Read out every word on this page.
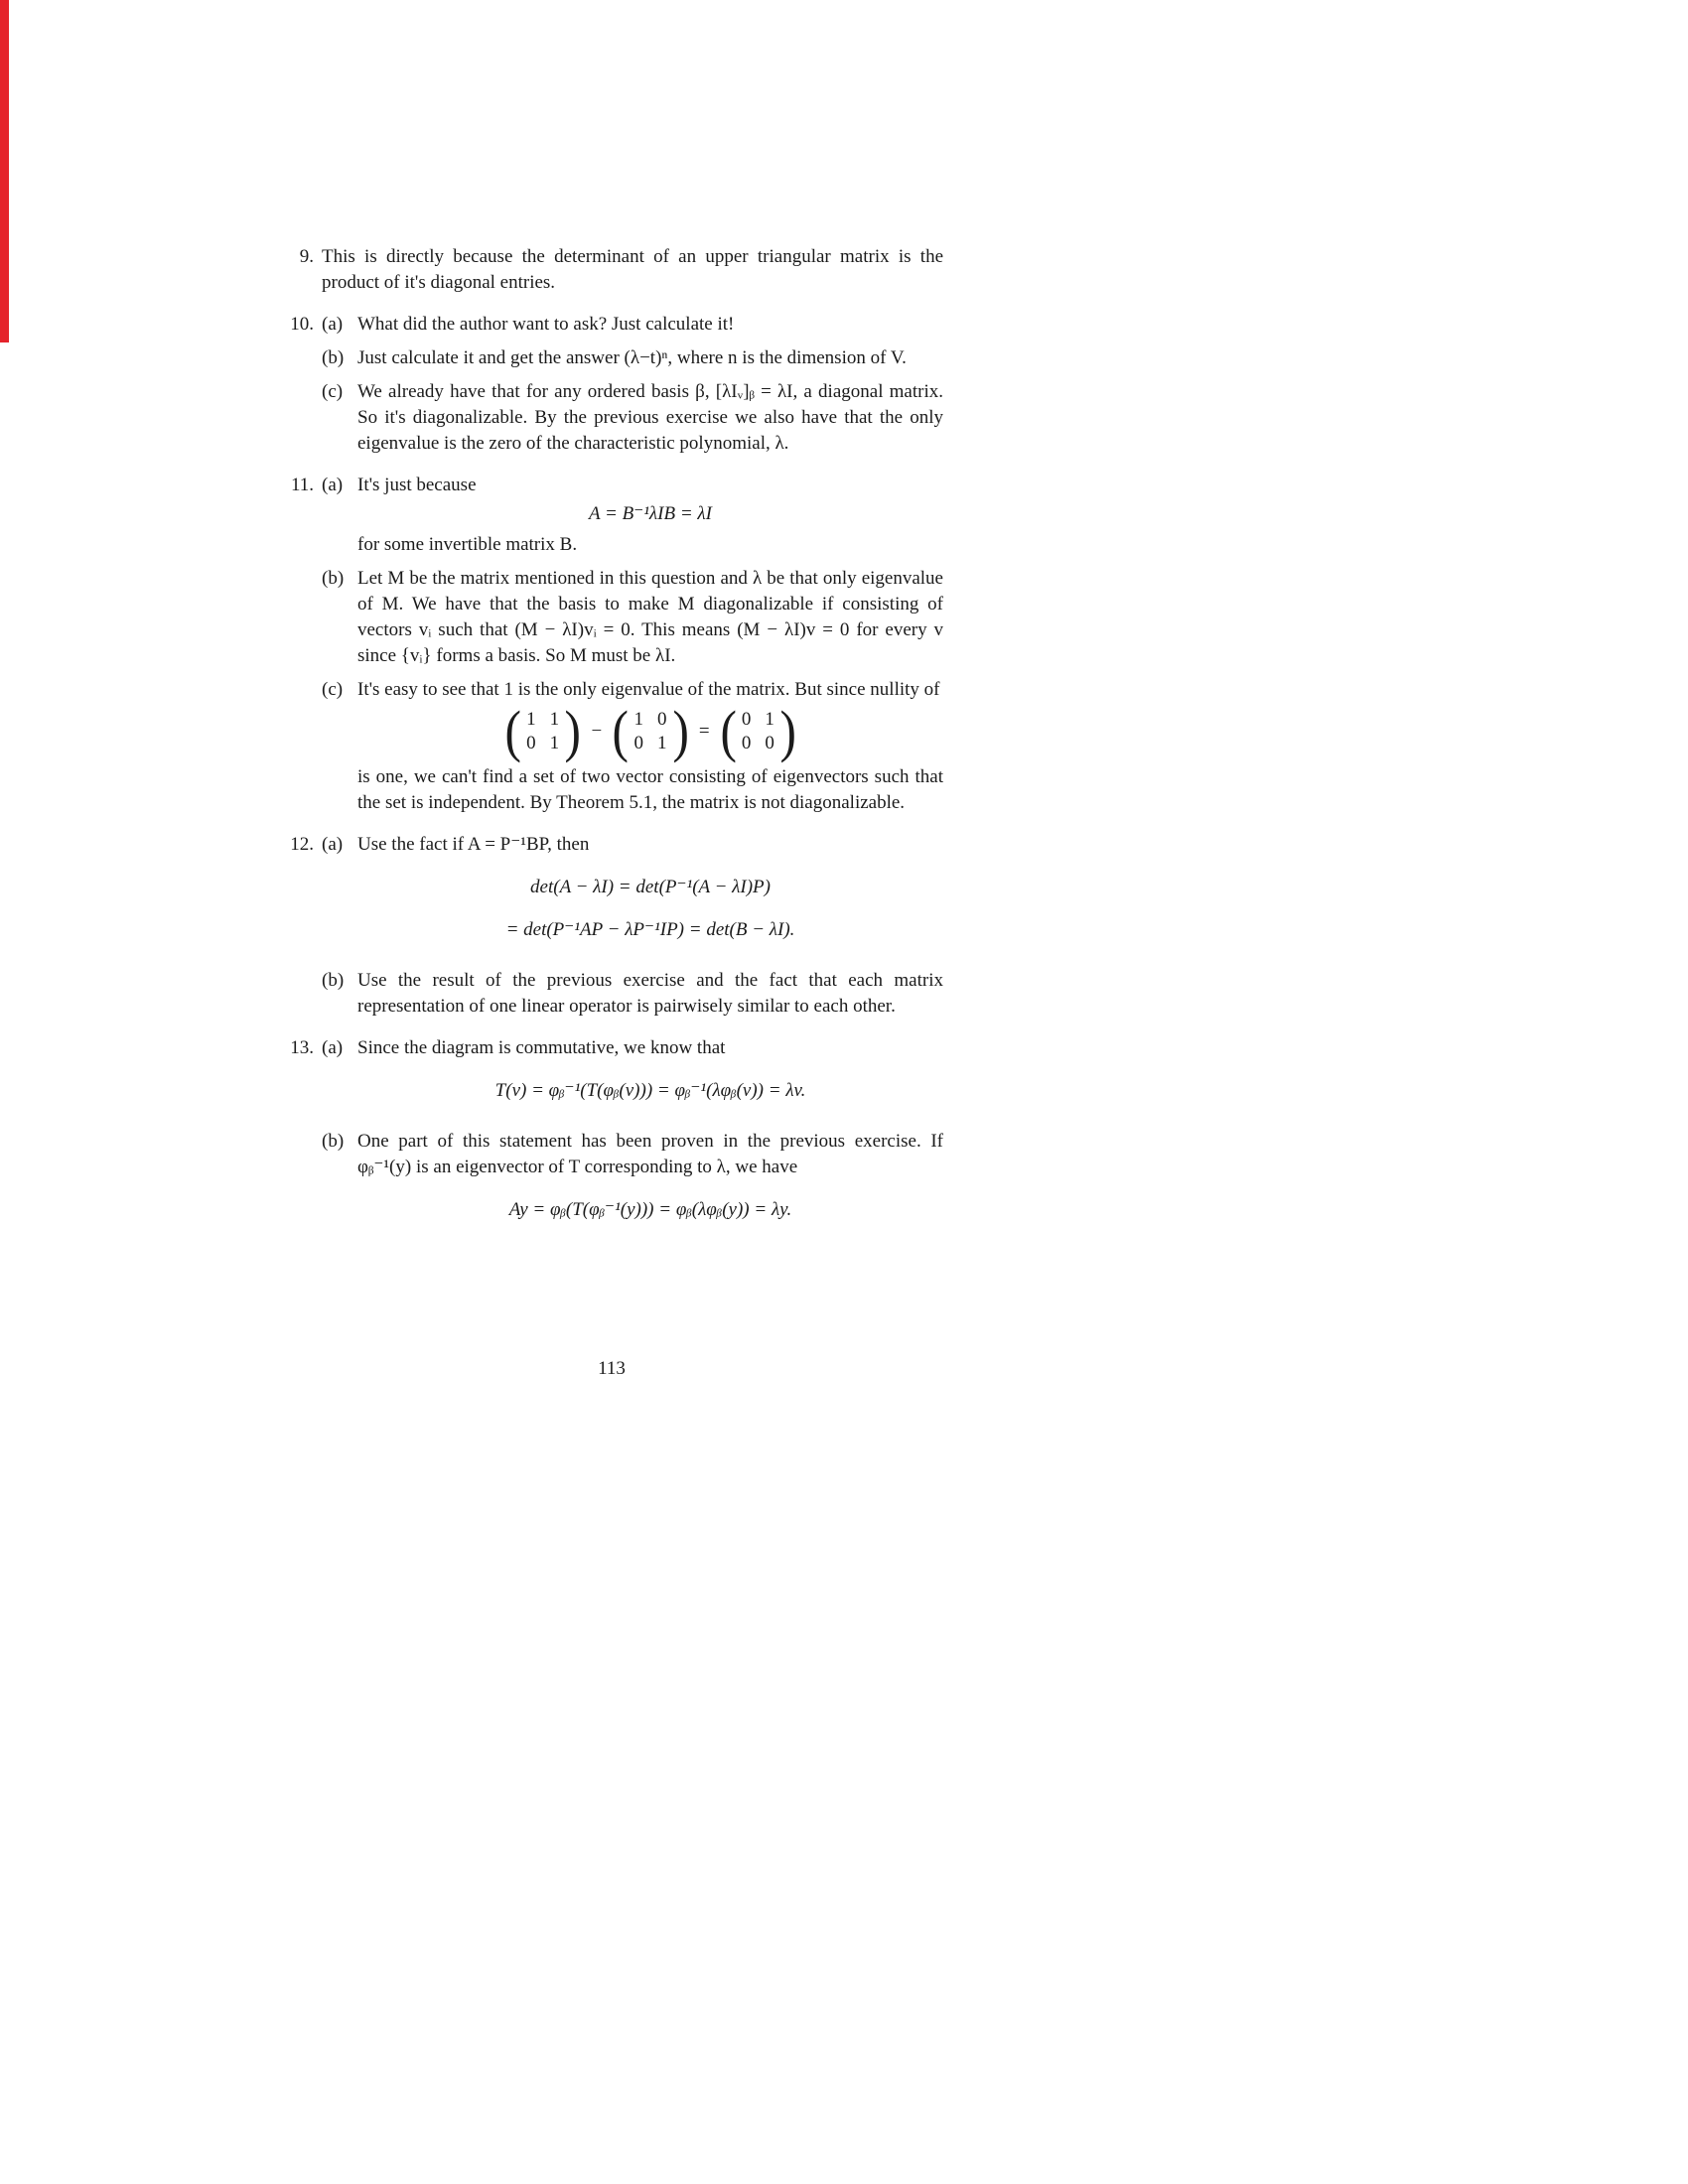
9. This is directly because the determinant of an upper triangular matrix is the product of it's diagonal entries.
10. (a) What did the author want to ask? Just calculate it!
(b) Just calculate it and get the answer (λ−t)ⁿ, where n is the dimension of V.
(c) We already have that for any ordered basis β, [λIᵥ]ᵦ = λI, a diagonal matrix. So it's diagonalizable. By the previous exercise we also have that the only eigenvalue is the zero of the characteristic polynomial, λ.
11. (a) It's just because
A = B⁻¹λIB = λI
for some invertible matrix B.
(b) Let M be the matrix mentioned in this question and λ be that only eigenvalue of M. We have that the basis to make M diagonalizable if consisting of vectors vᵢ such that (M − λI)vᵢ = 0. This means (M − λI)v = 0 for every v since {vᵢ} forms a basis. So M must be λI.
(c) It's easy to see that 1 is the only eigenvalue of the matrix. But since nullity of
( 1 1
0 1 ) − ( 1 0
0 1 ) = ( 0 1
0 0 )
is one, we can't find a set of two vector consisting of eigenvectors such that the set is independent. By Theorem 5.1, the matrix is not diagonalizable.
12. (a) Use the fact if A = P⁻¹BP, then
det(A − λI) = det(P⁻¹(A − λI)P)
= det(P⁻¹AP − λP⁻¹IP) = det(B − λI).
(b) Use the result of the previous exercise and the fact that each matrix representation of one linear operator is pairwisely similar to each other.
13. (a) Since the diagram is commutative, we know that
T(v) = φᵦ⁻¹(T(φᵦ(v))) = φᵦ⁻¹(λφᵦ(v)) = λv.
(b) One part of this statement has been proven in the previous exercise. If φᵦ⁻¹(y) is an eigenvector of T corresponding to λ, we have
Ay = φᵦ(T(φᵦ⁻¹(y))) = φᵦ(λφᵦ(y)) = λy.
113
